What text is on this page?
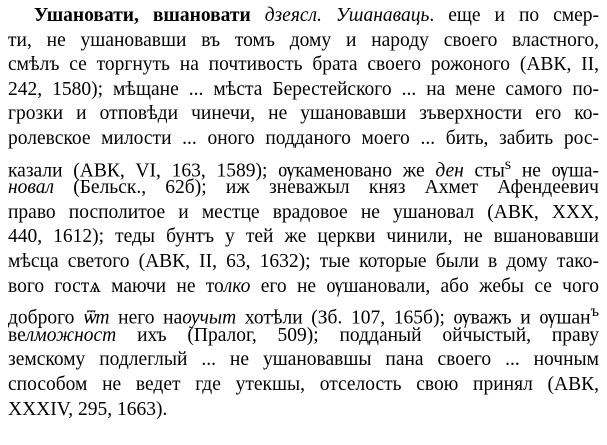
Ушановати, вшановати дзеясл. Ушанаваць. еще и по смер-
ти, не ушановавши въ томъ дому и народу своего властного,
смѣлъ се торгнуть на почтивость брата своего рожоного (АВК, II,
242, 1580); мѣщане ... мѣста Берестейского ... на мене самого по-
грозки и отповѣди чинечи, не ушановавши зъверхности его ко-
ролевское милости ... оного подданого моего ... бить, забить рос-
казали (АВК, VI, 163, 1589); ѹкаменовано же ден сты$^ѕ$ не ѹша-
новал (Бельск., 62б); иж зневажыл княз Ахмет Афендеевич
право посполитое и местце врадовое не ушановал (АВК, XXX,
440, 1612); теды бунтъ у тей же церкви чинили, не вшановавши
мѣсца светого (АВК, II, 63, 1632); тые которые были в дому тако-
вого гостѧ маючи не толко его не ѹшановали, або жебы се чого
доброго ѿт него наѹчыт хотѣли (Зб. 107, 165б); ѹважъ и ѹшан$^ъ$
велможност ихъ (Пралог, 509); подданый ойчыстый, праву
земскому подлеглый ... не ушановавшы пана своего ... ночным
способом не ведет где утекшы, отселость свою принял (АВК,
XXXIV, 295, 1663).
